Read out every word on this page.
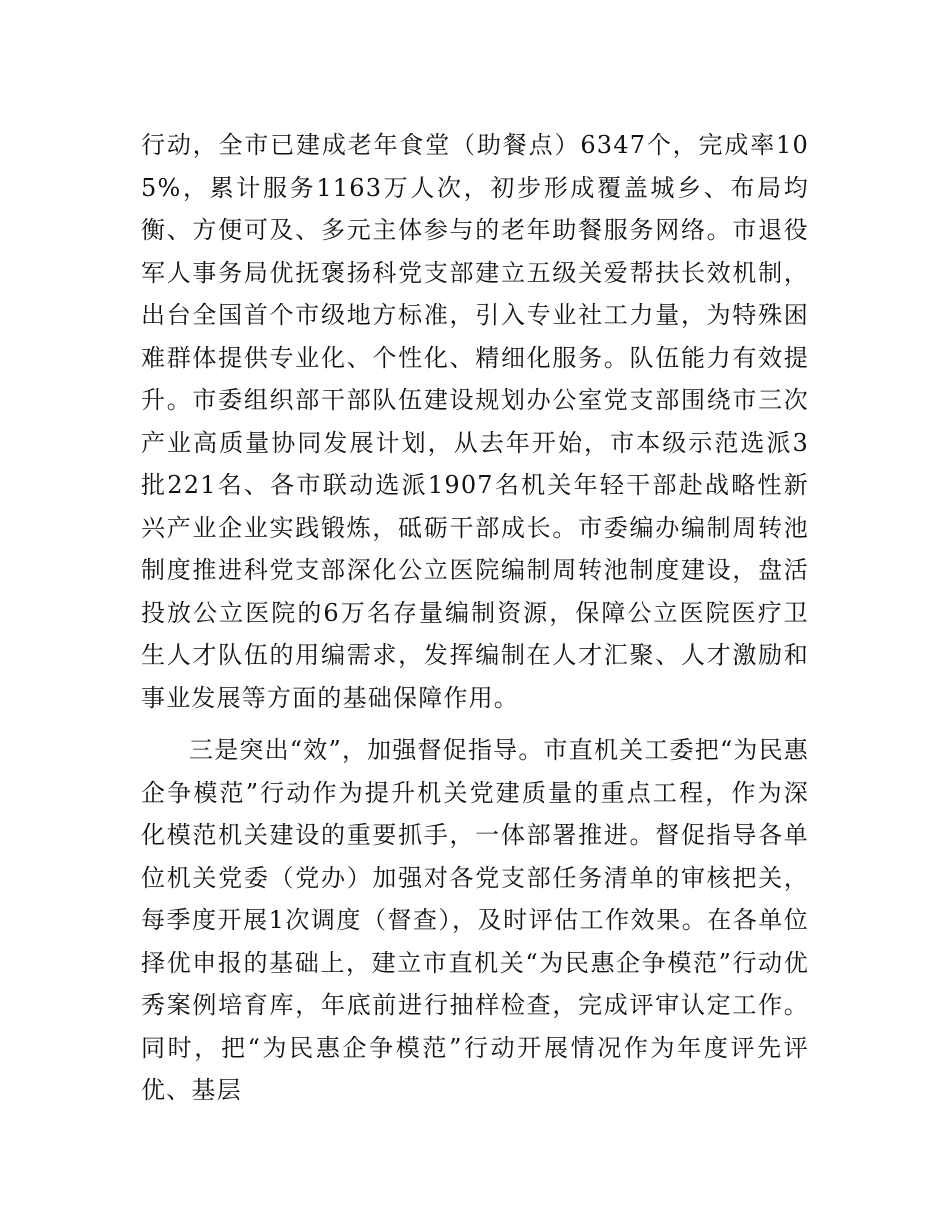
行动，全市已建成老年食堂（助餐点）6347个，完成率105%，累计服务1163万人次，初步形成覆盖城乡、布局均衡、方便可及、多元主体参与的老年助餐服务网络。市退役军人事务局优抚褒扬科党支部建立五级关爱帮扶长效机制，出台全国首个市级地方标准，引入专业社工力量，为特殊困难群体提供专业化、个性化、精细化服务。队伍能力有效提升。市委组织部干部队伍建设规划办公室党支部围绕市三次产业高质量协同发展计划，从去年开始，市本级示范选派3批221名、各市联动选派1907名机关年轻干部赴战略性新兴产业企业实践锻炼，砥砺干部成长。市委编办编制周转池制度推进科党支部深化公立医院编制周转池制度建设，盘活投放公立医院的6万名存量编制资源，保障公立医院医疗卫生人才队伍的用编需求，发挥编制在人才汇聚、人才激励和事业发展等方面的基础保障作用。

三是突出“效”，加强督促指导。市直机关工委把“为民惠企争模范”行动作为提升机关党建质量的重点工程，作为深化模范机关建设的重要抓手，一体部署推进。督促指导各单位机关党委（党办）加强对各党支部任务清单的审核把关，每季度开展1次调度（督查），及时评估工作效果。在各单位择优申报的基础上，建立市直机关“为民惠企争模范”行动优秀案例培育库，年底前进行抽样检查，完成评审认定工作。同时，把“为民惠企争模范”行动开展情况作为年度评先评优、基层
